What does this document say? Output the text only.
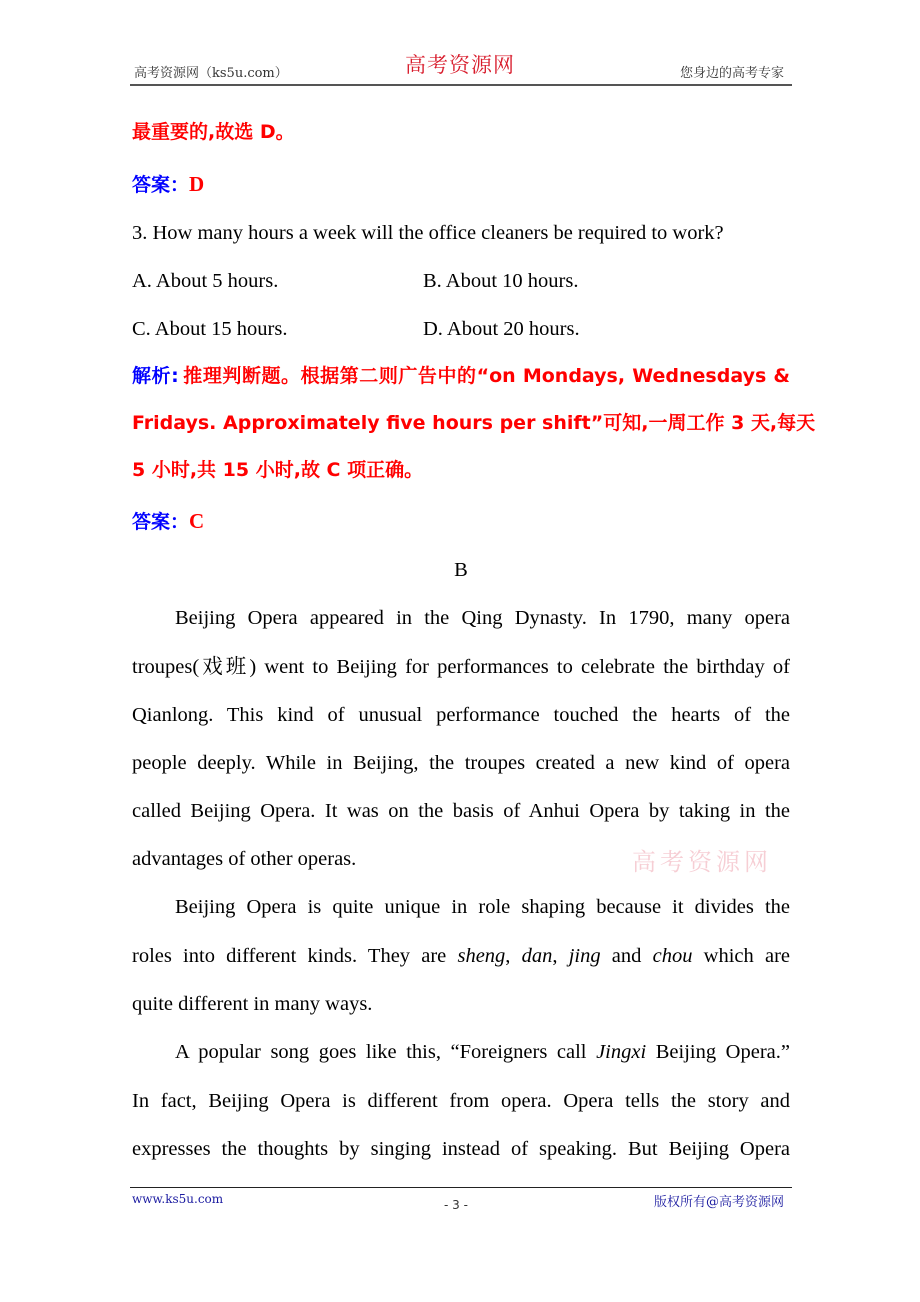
高考资源网（ks5u.com）	高考资源网	您身边的高考专家
最重要的,故选 D。
答案：D
3. How many hours a week will the office cleaners be required to work?
A. About 5 hours.	B. About 10 hours.
C. About 15 hours.	D. About 20 hours.
解析: 推理判断题。根据第二则广告中的“on Mondays, Wednesdays &
Fridays. Approximately five hours per shift”可知,一周工作 3 天,每天
5 小时,共 15 小时,故 C 项正确。
答案：C
B
Beijing Opera appeared in the Qing Dynasty. In 1790, many opera
troupes(戏班) went to Beijing for performances to celebrate the birthday of
Qianlong. This kind of unusual performance touched the hearts of the
people deeply. While in Beijing, the troupes created a new kind of opera
called Beijing Opera. It was on the basis of Anhui Opera by taking in the
advantages of other operas.	高考资源网
Beijing Opera is quite unique in role shaping because it divides the
roles into different kinds. They are sheng, dan, jing and chou which are
quite different in many ways.
A popular song goes like this, “Foreigners call Jingxi Beijing Opera.”
In fact, Beijing Opera is different from opera. Opera tells the story and
expresses the thoughts by singing instead of speaking. But Beijing Opera
www.ks5u.com	- 3 -	版权所有@高考资源网
